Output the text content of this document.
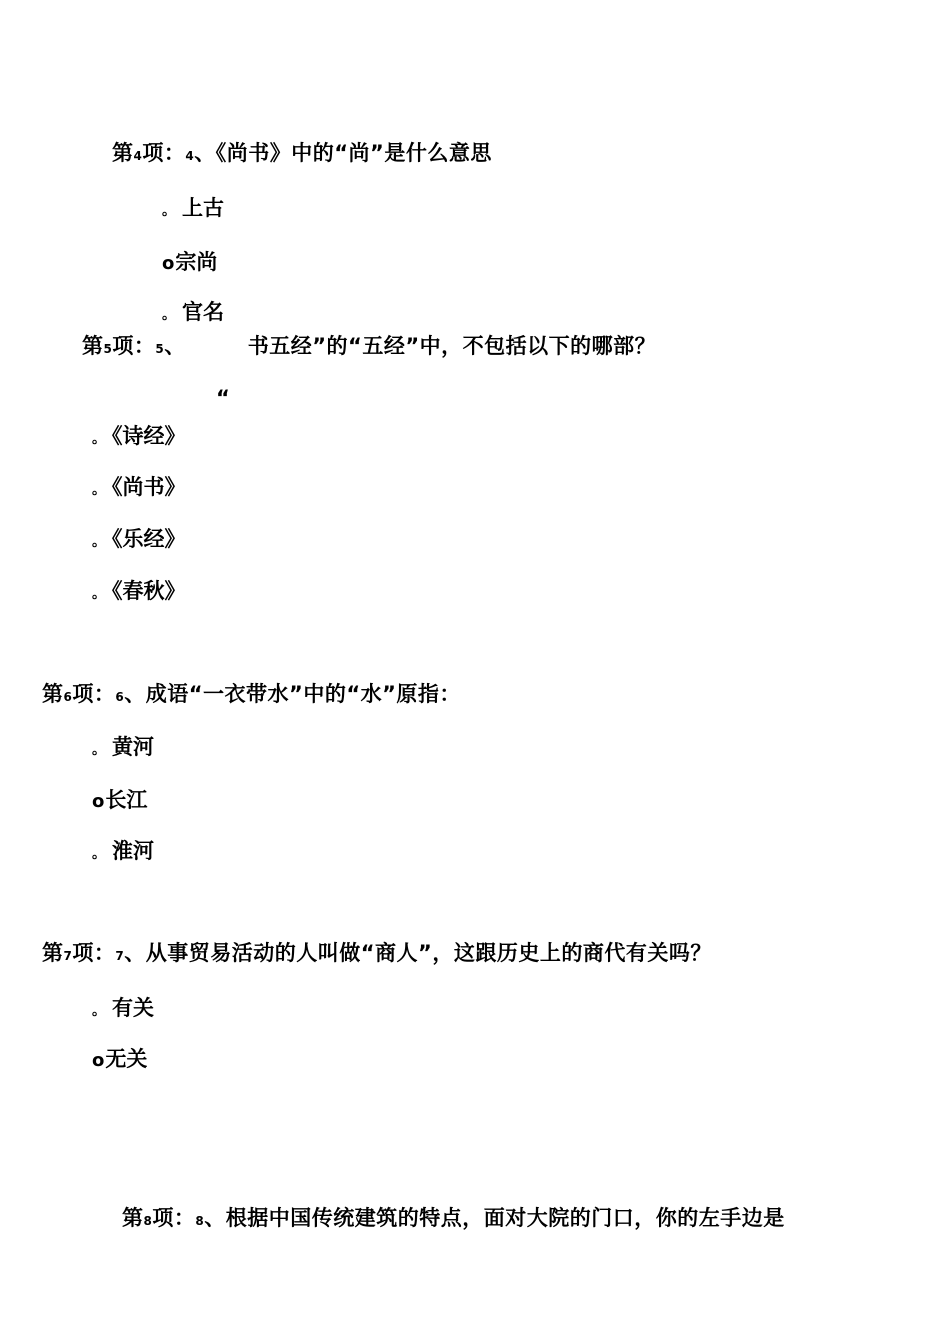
第4项：4、《尚书》中的“尚”是什么意思
。 上古
o宗尚
。 官名
第5项：5、	书五经”的“五经”中，不包括以下的哪部？
“
。 《诗经》
。 《尚书》
。 《乐经》
。 《春秋》
第6项：6、成语“一衣带水”中的“水”原指：
。 黄河
o长江
。 淮河
第7项：7、从事贸易活动的人叫做“商人”，这跟历史上的商代有关吗？
。 有关
o无关
第8项：8、根据中国传统建筑的特点，面对大院的门口，你的左手边是
